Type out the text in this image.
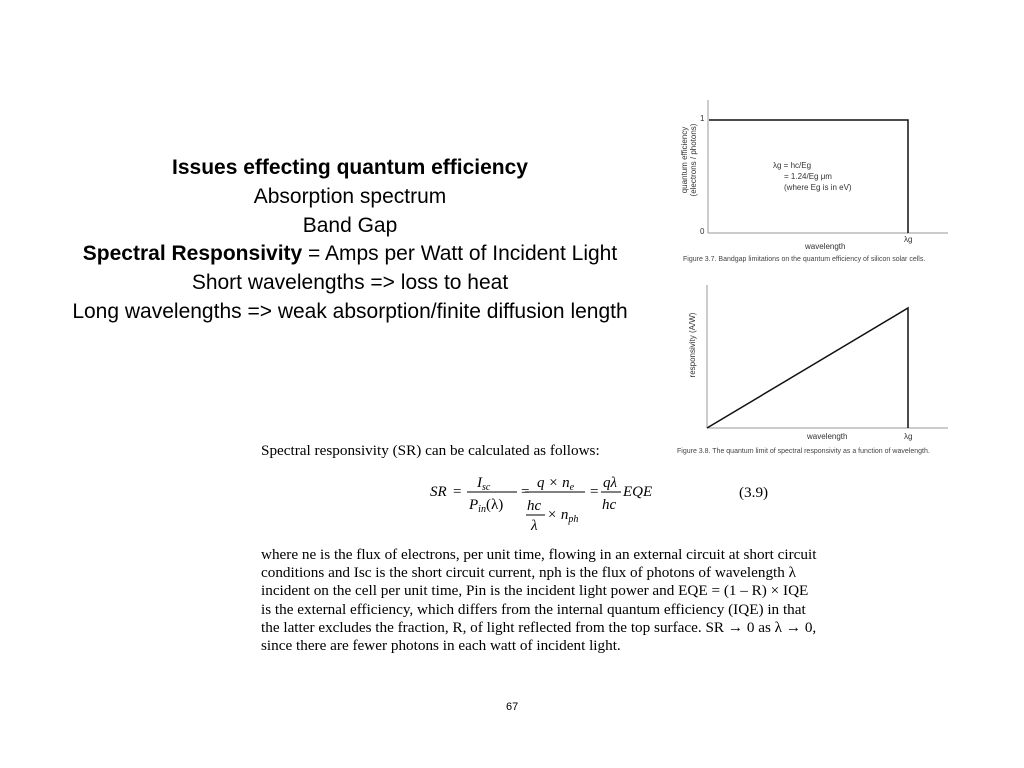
Issues effecting quantum efficiency
Absorption spectrum
Band Gap
Spectral Responsivity = Amps per Watt of Incident Light
Short wavelengths => loss to heat
Long wavelengths => weak absorption/finite diffusion length
1
0
quantum efficiency (electrons / photons)	λg = hc/Eg
= 1.24/Eg μm
(where Eg is in eV)
wavelength
λg
Figure 3.7. Bandgap limitations on the quantum efficiency of silicon solar cells.
responsivity (A/W)
wavelength	λg
Figure 3.8. The quantum limit of spectral responsivity as a function of wavelength.

Spectral responsivity (SR) can be calculated as follows:

SR =
$I_{sc}$
$P_{in}(\lambda)$
=
$q \times n_e$
hc
λ
× $n_{ph}$
=
qλ
hc
EQE	(3.9)

where ne is the flux of electrons, per unit time, flowing in an external circuit at short circuit conditions and Isc is the short circuit current, nph is the flux of photons of wavelength λ incident on the cell per unit time, Pin is the incident light power and EQE = (1 – R) × IQE is the external efficiency, which differs from the internal quantum efficiency (IQE) in that the latter excludes the fraction, R, of light reflected from the top surface. SR → 0 as λ → 0, since there are fewer photons in each watt of incident light.

67
